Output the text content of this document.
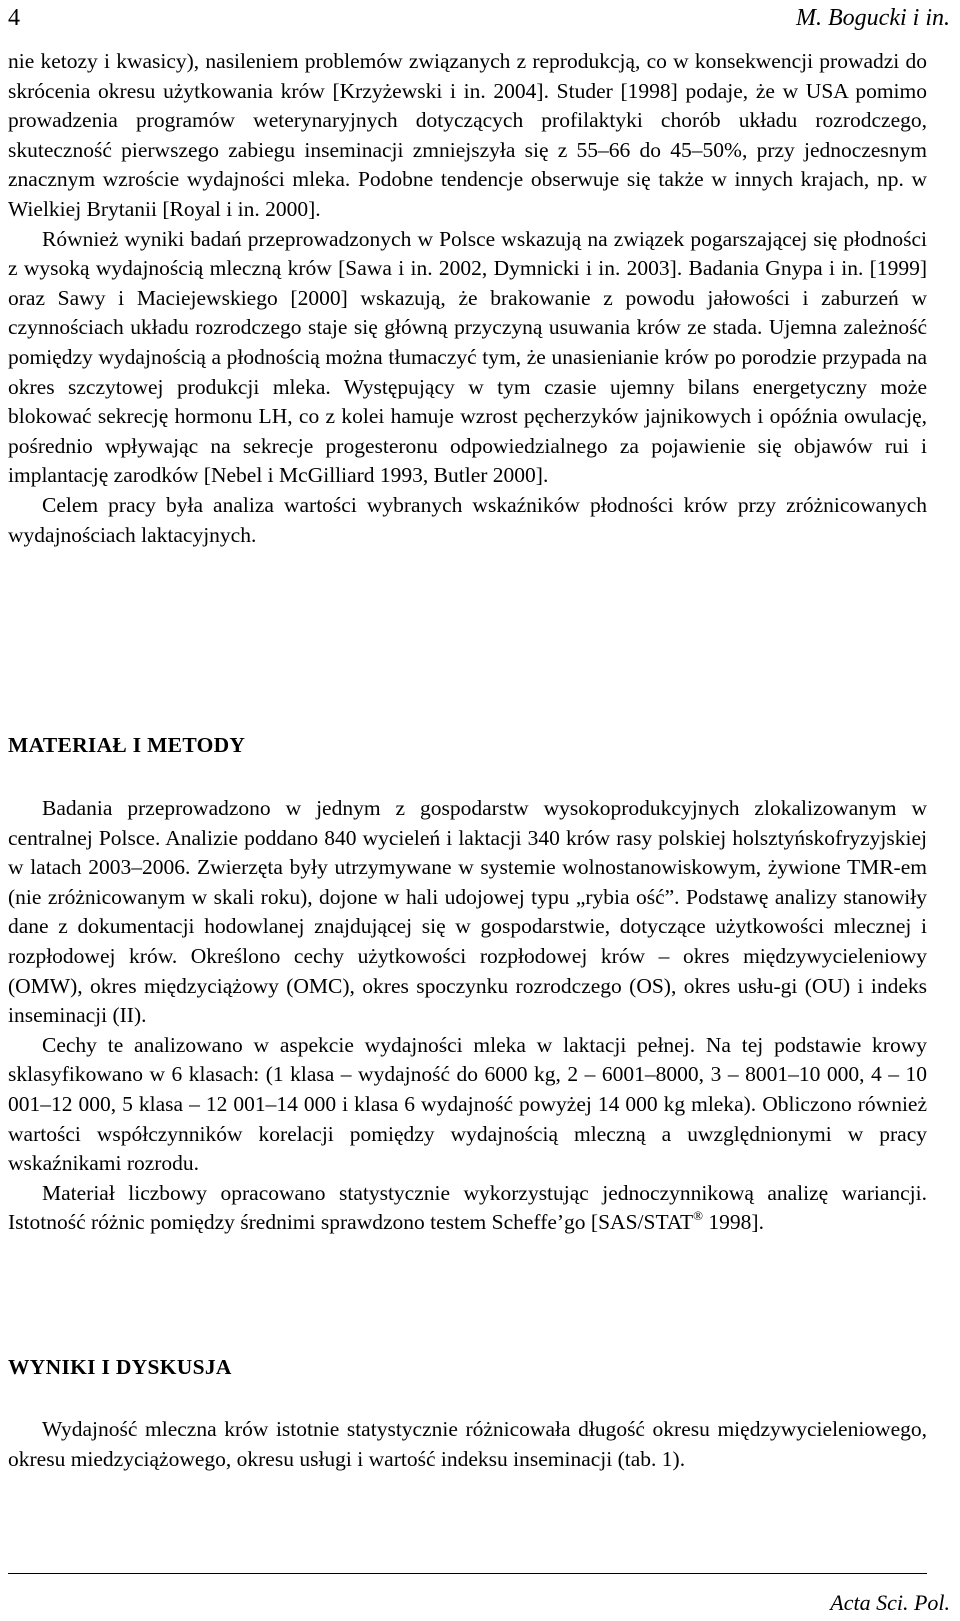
4	M. Bogucki i in.

nie ketozy i kwasicy), nasileniem problemów związanych z reprodukcją, co w konsekwencji prowadzi do skrócenia okresu użytkowania krów [Krzyżewski i in. 2004]. Studer [1998] podaje, że w USA pomimo prowadzenia programów weterynaryjnych dotyczących profilaktyki chorób układu rozrodczego, skuteczność pierwszego zabiegu inseminacji zmniejszyła się z 55–66 do 45–50%, przy jednoczesnym znacznym wzroście wydajności mleka. Podobne tendencje obserwuje się także w innych krajach, np. w Wielkiej Brytanii [Royal i in. 2000].

Również wyniki badań przeprowadzonych w Polsce wskazują na związek pogarszającej się płodności z wysoką wydajnością mleczną krów [Sawa i in. 2002, Dymnicki i in. 2003]. Badania Gnypa i in. [1999] oraz Sawy i Maciejewskiego [2000] wskazują, że brakowanie z powodu jałowości i zaburzeń w czynnościach układu rozrodczego staje się główną przyczyną usuwania krów ze stada. Ujemna zależność pomiędzy wydajnością a płodnością można tłumaczyć tym, że unasienianie krów po porodzie przypada na okres szczytowej produkcji mleka. Występujący w tym czasie ujemny bilans energetyczny może blokować sekrecję hormonu LH, co z kolei hamuje wzrost pęcherzyków jajnikowych i opóźnia owulację, pośrednio wpływając na sekrecje progesteronu odpowiedzialnego za pojawienie się objawów rui i implantację zarodków [Nebel i McGilliard 1993, Butler 2000].

Celem pracy była analiza wartości wybranych wskaźników płodności krów przy zróżnicowanych wydajnościach laktacyjnych.

MATERIAŁ I METODY

Badania przeprowadzono w jednym z gospodarstw wysokoprodukcyjnych zlokalizowanym w centralnej Polsce. Analizie poddano 840 wycieleń i laktacji 340 krów rasy polskiej holsztyńskofryzyjskiej w latach 2003–2006. Zwierzęta były utrzymywane w systemie wolnostanowiskowym, żywione TMR-em (nie zróżnicowanym w skali roku), dojone w hali udojowej typu „rybia ość”. Podstawę analizy stanowiły dane z dokumentacji hodowlanej znajdującej się w gospodarstwie, dotyczące użytkowości mlecznej i rozpłodowej krów. Określono cechy użytkowości rozpłodowej krów – okres międzywycieleniowy (OMW), okres międzyciążowy (OMC), okres spoczynku rozrodczego (OS), okres usłu-gi (OU) i indeks inseminacji (II).

Cechy te analizowano w aspekcie wydajności mleka w laktacji pełnej. Na tej podstawie krowy sklasyfikowano w 6 klasach: (1 klasa – wydajność do 6000 kg, 2 – 6001–8000, 3 – 8001–10 000, 4 – 10 001–12 000, 5 klasa – 12 001–14 000 i klasa 6 wydajność powyżej 14 000 kg mleka). Obliczono również wartości współczynników korelacji pomiędzy wydajnością mleczną a uwzględnionymi w pracy wskaźnikami rozrodu.

Materiał liczbowy opracowano statystycznie wykorzystując jednoczynnikową analizę wariancji. Istotność różnic pomiędzy średnimi sprawdzono testem Scheffe’go [SAS/STAT® 1998].

WYNIKI I DYSKUSJA

Wydajność mleczna krów istotnie statystycznie różnicowała długość okresu międzywycieleniowego, okresu miedzyciążowego, okresu usługi i wartość indeksu inseminacji (tab. 1).

Acta Sci. Pol.
